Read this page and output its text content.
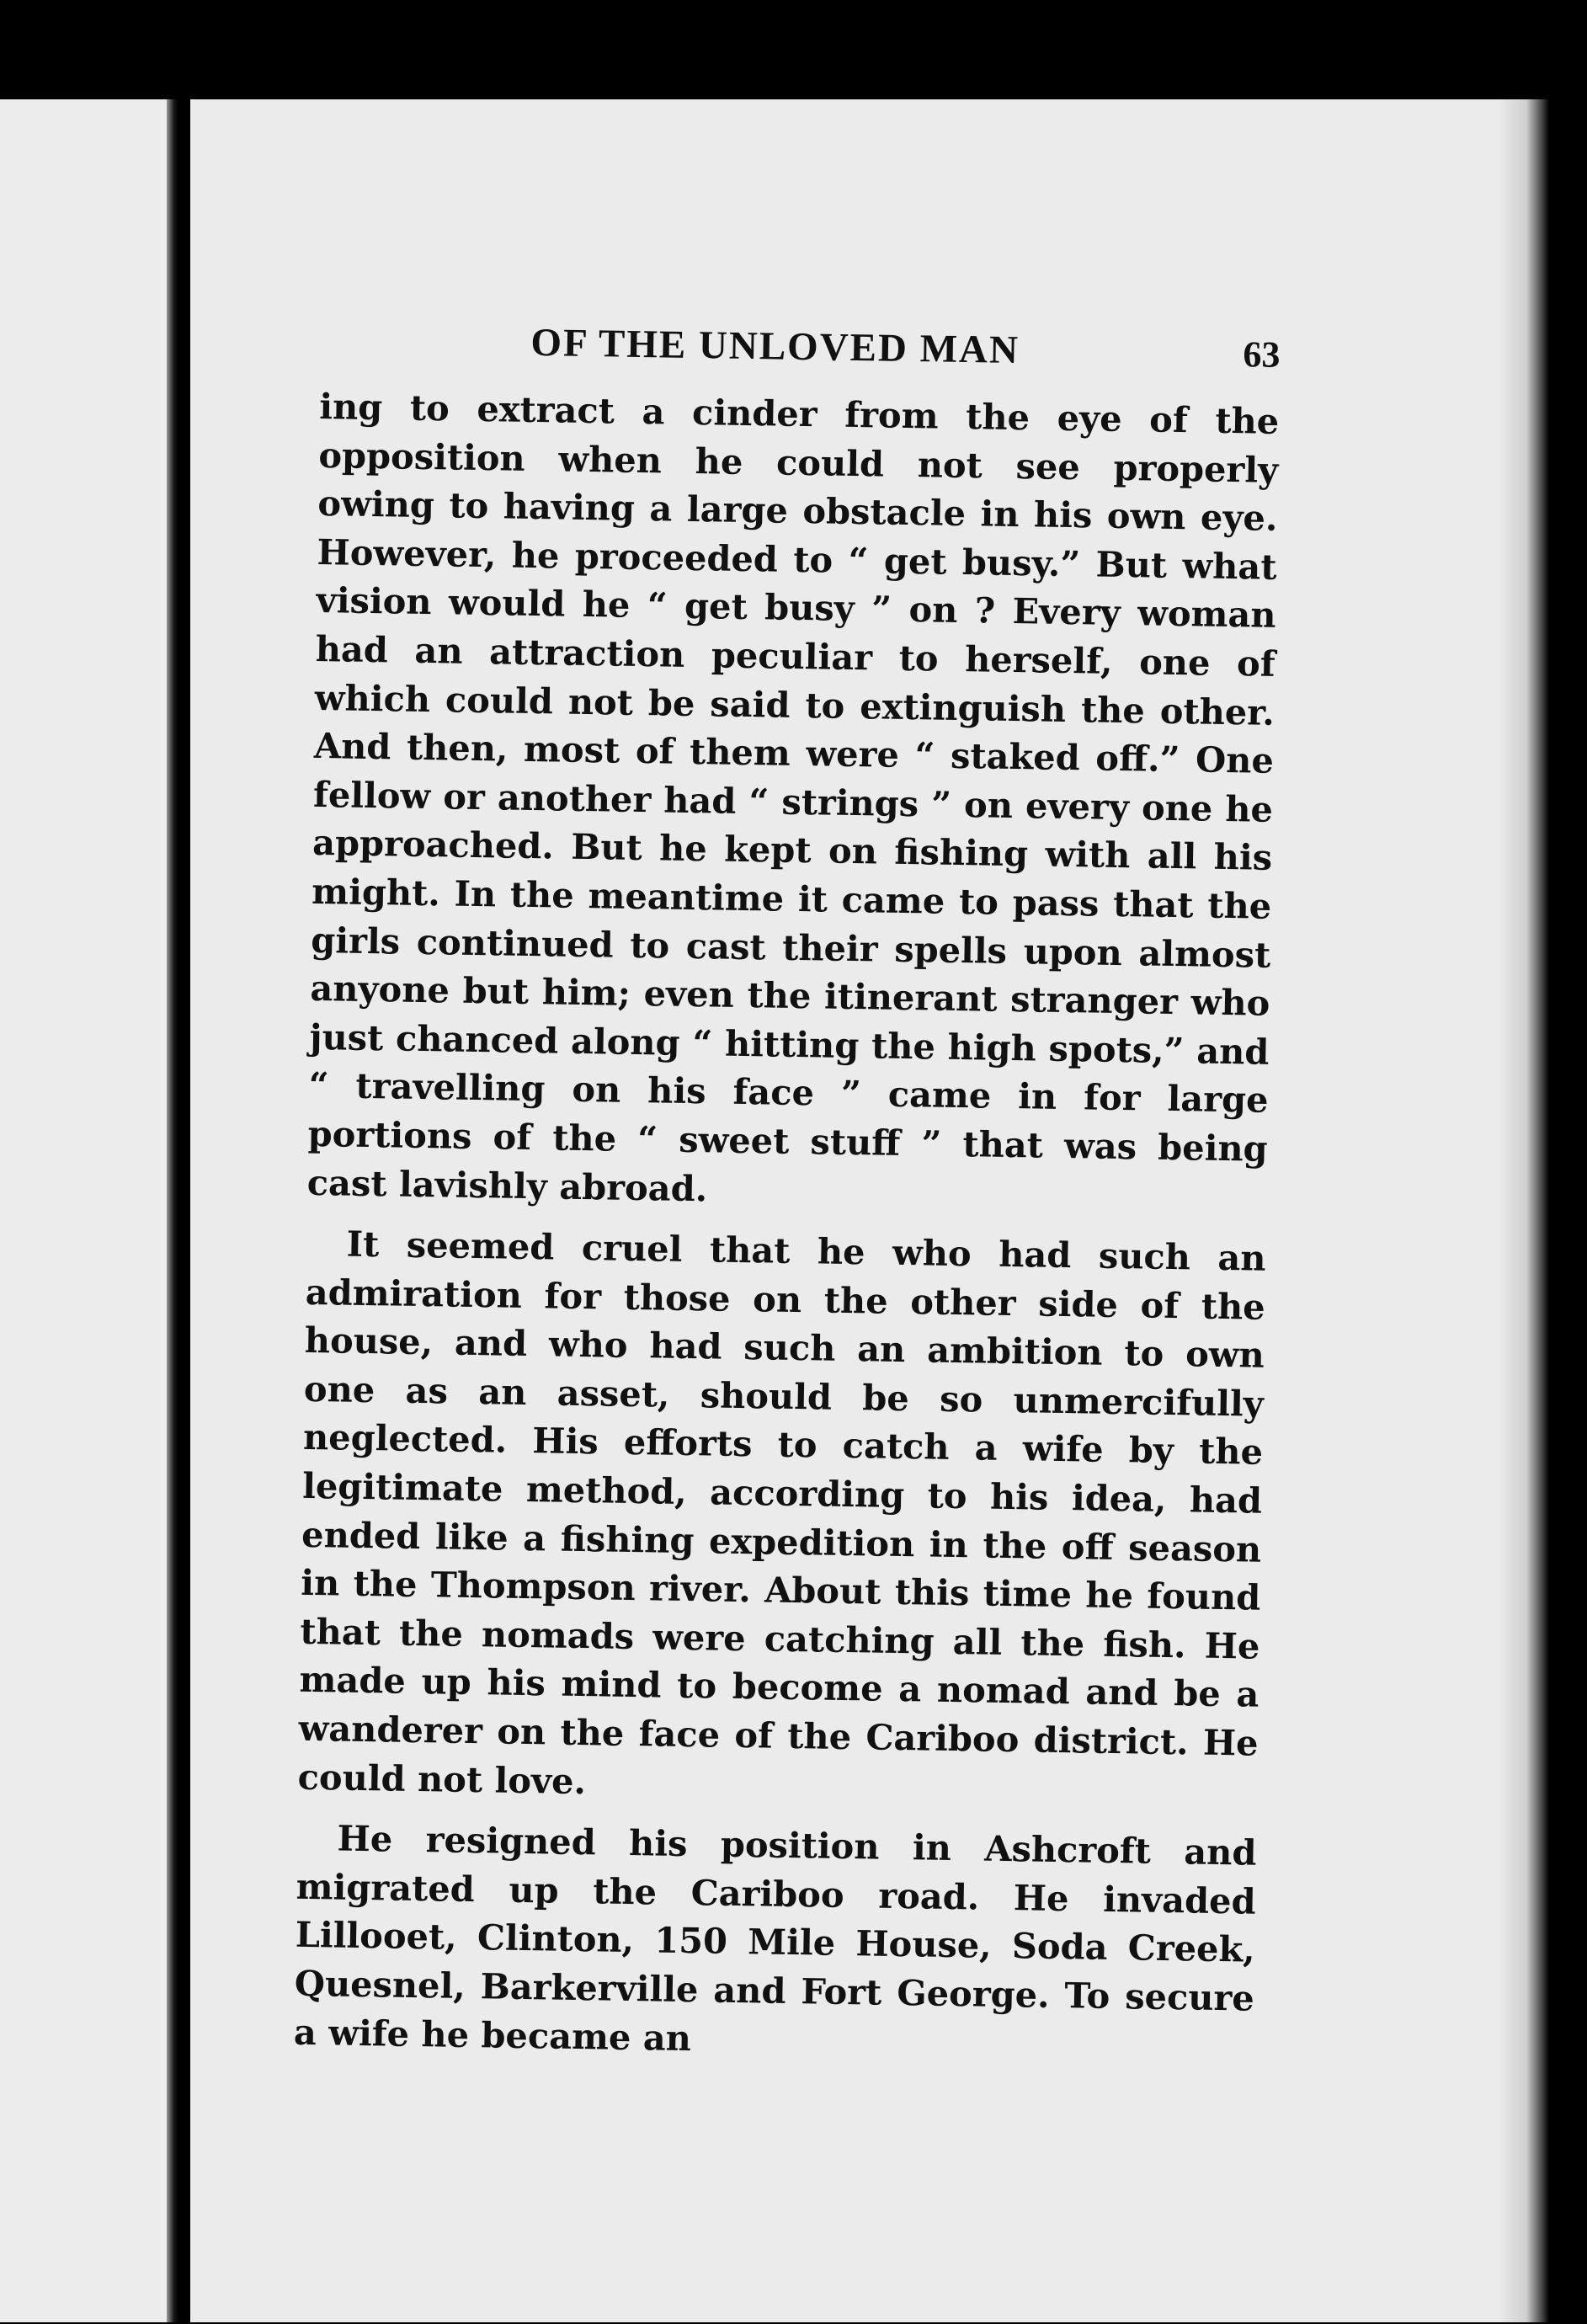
OF THE UNLOVED MAN	63

ing to extract a cinder from the eye of the opposition when he could not see properly owing to having a large obstacle in his own eye. However, he proceeded to “ get busy.” But what vision would he “ get busy ” on ? Every woman had an attraction peculiar to herself, one of which could not be said to extinguish the other. And then, most of them were “ staked off.” One fellow or another had “ strings ” on every one he approached. But he kept on fishing with all his might. In the meantime it came to pass that the girls continued to cast their spells upon almost anyone but him; even the itinerant stranger who just chanced along “ hitting the high spots,” and “ travelling on his face ” came in for large portions of the “ sweet stuff ” that was being cast lavishly abroad.

It seemed cruel that he who had such an admiration for those on the other side of the house, and who had such an ambition to own one as an asset, should be so unmercifully neglected. His efforts to catch a wife by the legitimate method, according to his idea, had ended like a fishing expedition in the off season in the Thompson river. About this time he found that the nomads were catching all the fish. He made up his mind to become a nomad and be a wanderer on the face of the Cariboo district. He could not love.

He resigned his position in Ashcroft and migrated up the Cariboo road. He invaded Lillooet, Clinton, 150 Mile House, Soda Creek, Quesnel, Barkerville and Fort George. To secure a wife he became an
